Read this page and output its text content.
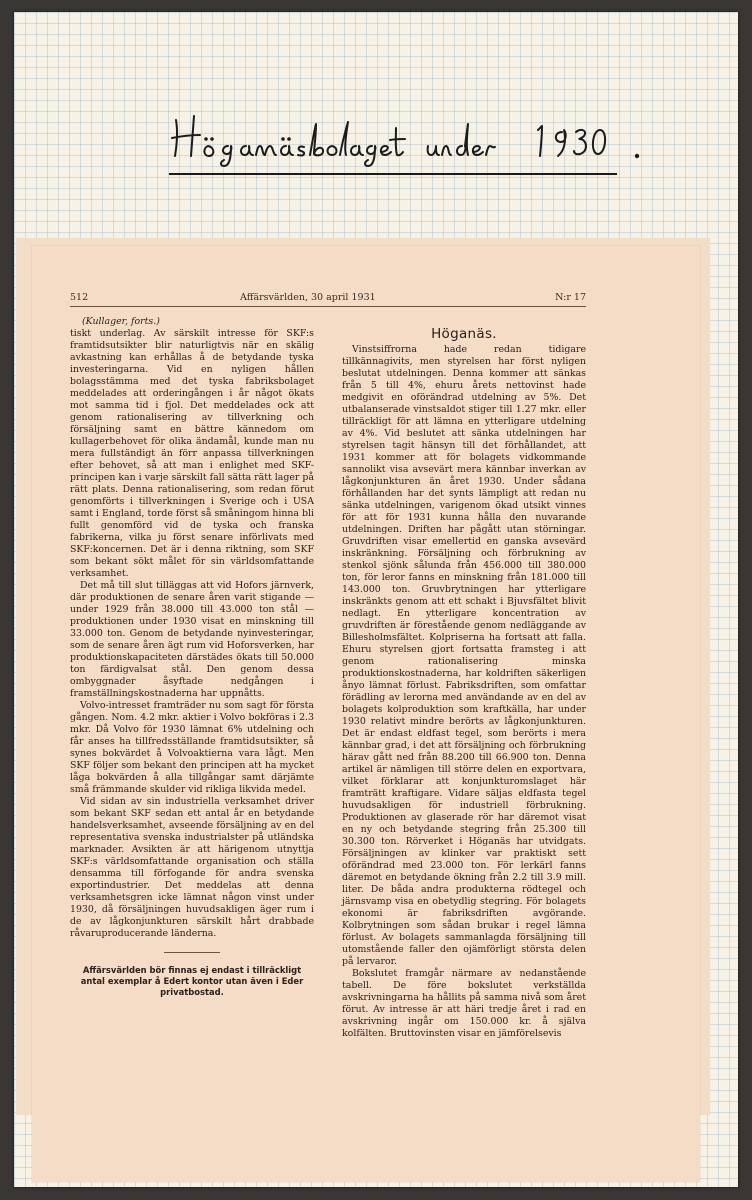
512	Affärsvärlden, 30 april 1931	N:r 17
(Kullager, forts.)

tiskt underlag. Av särskilt intresse för SKF:s framtidsutsikter blir naturligtvis när en skälig avkastning kan erhållas å de betydande tyska investeringarna. Vid en nyligen hållen bolagsstämma med det tyska fabriksbolaget meddelades att orderingången i år något ökats mot samma tid i fjol. Det meddelades ock att genom rationalisering av tillverkning och försäljning samt en bättre kännedom om kullagerbehovet för olika ändamål, kunde man nu mera fullständigt än förr anpassa tillverkningen efter behovet, så att man i enlighet med SKF-principen kan i varje särskilt fall sätta rätt lager på rätt plats. Denna rationalisering, som redan förut genomförts i tillverkningen i Sverige och i USA samt i England, torde först så småningom hinna bli fullt genomförd vid de tyska och franska fabrikerna, vilka ju först senare införlivats med SKF:koncernen. Det är i denna riktning, som SKF som bekant sökt målet för sin världsomfattande verksamhet.

Det må till slut tilläggas att vid Hofors järnverk, där produktionen de senare åren varit stigande — under 1929 från 38.000 till 43.000 ton stål — produktionen under 1930 visat en minskning till 33.000 ton. Genom de betydande nyinvesteringar, som de senare åren ägt rum vid Hoforsverken, har produktionskapaciteten därstädes ökats till 50.000 ton färdigvalsat stål. Den genom dessa ombyggnader åsyftade nedgången i framställningskostnaderna har uppnåtts.

Volvo-intresset framträder nu som sagt för första gången. Nom. 4.2 mkr. aktier i Volvo bokföras i 2.3 mkr. Då Volvo för 1930 lämnat 6% utdelning och får anses ha tillfredsställande framtidsutsikter, så synes bokvärdet å Volvoaktierna vara lågt. Men SKF följer som bekant den principen att ha mycket låga bokvärden å alla tillgångar samt därjämte små främmande skulder vid rikliga likvida medel.

Vid sidan av sin industriella verksamhet driver som bekant SKF sedan ett antal år en betydande handelsverksamhet, avseende försäljning av en del representativa svenska industrialster på utländska marknader. Avsikten är att härigenom utnyttja SKF:s världsomfattande organisation och ställa densamma till förfogande för andra svenska exportindustrier. Det meddelas att denna verksamhetsgren icke lämnat någon vinst under 1930, då försäljningen huvudsakligen äger rum i de av lågkonjunkturen särskilt hårt drabbade råvaruproducerande länderna.

Affärsvärlden bör finnas ej endast i tillräckligt antal exemplar å Edert kontor utan även i Eder privatbostad.
Höganäs.

Vinstsiffrorna hade redan tidigare tillkännagivits, men styrelsen har först nyligen beslutat utdelningen. Denna kommer att sänkas från 5 till 4%, ehuru årets nettovinst hade medgivit en oförändrad utdelning av 5%. Det utbalanserade vinstsaldot stiger till 1.27 mkr. eller tillräckligt för att lämna en ytterligare utdelning av 4%. Vid beslutet att sänka utdelningen har styrelsen tagit hänsyn till det förhållandet, att 1931 kommer att för bolagets vidkommande sannolikt visa avsevärt mera kännbar inverkan av lågkonjunkturen än året 1930. Under sådana förhållanden har det synts lämpligt att redan nu sänka utdelningen, varigenom ökad utsikt vinnes för att för 1931 kunna hålla den nuvarande utdelningen. Driften har pågått utan störningar. Gruvdriften visar emellertid en ganska avsevärd inskränkning. Försäljning och förbrukning av stenkol sjönk sålunda från 456.000 till 380.000 ton, för leror fanns en minskning från 181.000 till 143.000 ton. Gruvbrytningen har ytterligare inskränkts genom att ett schakt i Bjuvsfältet blivit nedlagt. En ytterligare koncentration av gruvdriften är förestående genom nedläggande av Billesholmsfältet. Kolpriserna ha fortsatt att falla. Ehuru styrelsen gjort fortsatta framsteg i att genom rationalisering minska produktionskostnaderna, har koldriften säkerligen ånyo lämnat förlust. Fabriksdriften, som omfattar förädling av lerorna med användande av en del av bolagets kolproduktion som kraftkälla, har under 1930 relativt mindre berörts av lågkonjunkturen. Det är endast eldfast tegel, som berörts i mera kännbar grad, i det att försäljning och förbrukning härav gått ned från 88.200 till 66.900 ton. Denna artikel är nämligen till större delen en exportvara, vilket förklarar att konjunkturomslaget här framträtt kraftigare. Vidare säljas eldfasta tegel huvudsakligen för industriell förbrukning. Produktionen av glaserade rör har däremot visat en ny och betydande stegring från 25.300 till 30.300 ton. Rörverket i Höganäs har utvidgats. Försäljningen av klinker var praktiskt sett oförändrad med 23.000 ton. För lerkärl fanns däremot en betydande ökning från 2.2 till 3.9 mill. liter. De båda andra produkterna rödtegel och järnsvamp visa en obetydlig stegring. För bolagets ekonomi är fabriksdriften avgörande. Kolbrytningen som sådan brukar i regel lämna förlust. Av bolagets sammanlagda försäljning till utomstående faller den ojämförligt största delen på lervaror.

Bokslutet framgår närmare av nedanstående tabell. De före bokslutet verkställda avskrivningarna ha hållits på samma nivå som året förut. Av intresse är att häri tredje året i rad en avskrivning ingår om 150.000 kr. å själva kolfälten. Bruttovinsten visar en jämförelsevis
